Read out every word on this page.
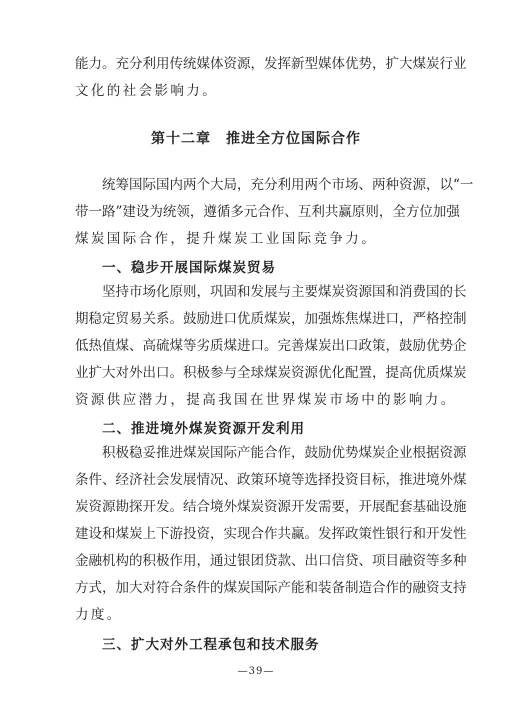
能力。充分利用传统媒体资源，发挥新型媒体优势，扩大煤炭行业
文化的社会影响力。
第十二章　推进全方位国际合作
统筹国际国内两个大局，充分利用两个市场、两种资源，以“一
带一路”建设为统领，遵循多元合作、互利共赢原则，全方位加强
煤炭国际合作，提升煤炭工业国际竞争力。
一、稳步开展国际煤炭贸易
坚持市场化原则，巩固和发展与主要煤炭资源国和消费国的长
期稳定贸易关系。鼓励进口优质煤炭，加强炼焦煤进口，严格控制
低热值煤、高硫煤等劣质煤进口。完善煤炭出口政策，鼓励优势企
业扩大对外出口。积极参与全球煤炭资源优化配置，提高优质煤炭
资源供应潜力，提高我国在世界煤炭市场中的影响力。
二、推进境外煤炭资源开发利用
积极稳妥推进煤炭国际产能合作，鼓励优势煤炭企业根据资源
条件、经济社会发展情况、政策环境等选择投资目标，推进境外煤
炭资源勘探开发。结合境外煤炭资源开发需要，开展配套基础设施
建设和煤炭上下游投资，实现合作共赢。发挥政策性银行和开发性
金融机构的积极作用，通过银团贷款、出口信贷、项目融资等多种
方式，加大对符合条件的煤炭国际产能和装备制造合作的融资支持
力度。
三、扩大对外工程承包和技术服务
—39—
